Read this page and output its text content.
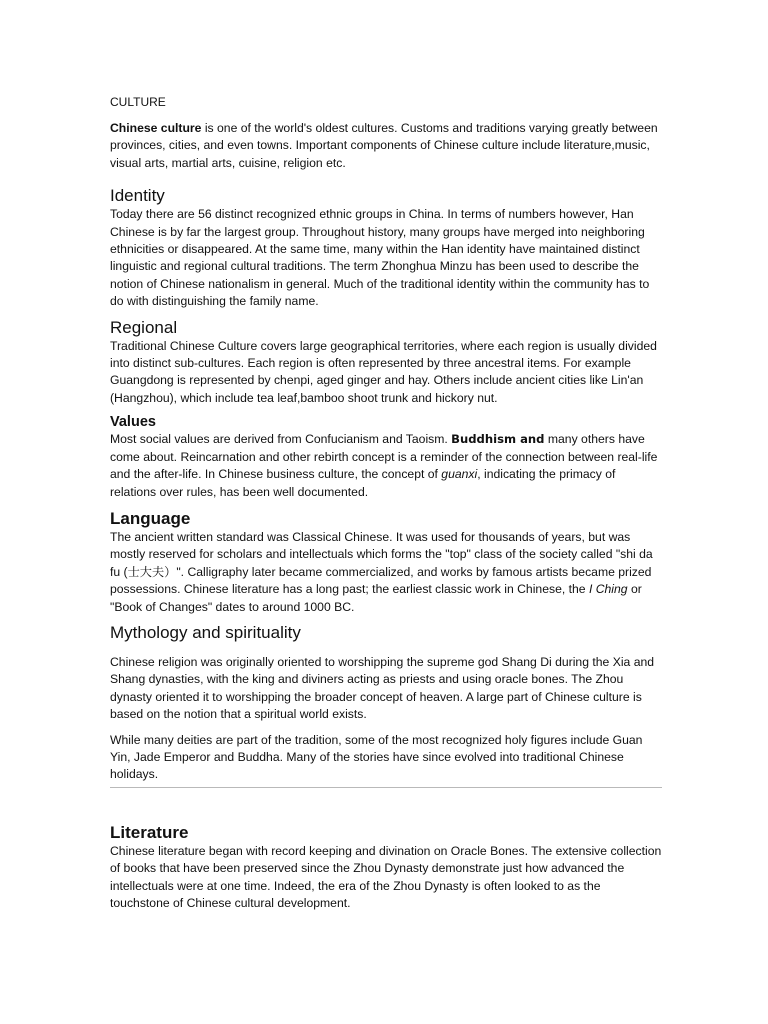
CULTURE

Chinese culture is one of the world's oldest cultures. Customs and traditions varying greatly between provinces, cities, and even towns. Important components of Chinese culture include literature,music, visual arts, martial arts, cuisine, religion etc.

Identity

Today there are 56 distinct recognized ethnic groups in China. In terms of numbers however, Han Chinese is by far the largest group. Throughout history, many groups have merged into neighboring ethnicities or disappeared. At the same time, many within the Han identity have maintained distinct linguistic and regional cultural traditions. The term Zhonghua Minzu has been used to describe the notion of Chinese nationalism in general. Much of the traditional identity within the community has to do with distinguishing the family name.

Regional

Traditional Chinese Culture covers large geographical territories, where each region is usually divided into distinct sub-cultures. Each region is often represented by three ancestral items. For example Guangdong is represented by chenpi, aged ginger and hay. Others include ancient cities like Lin'an (Hangzhou), which include tea leaf,bamboo shoot trunk and hickory nut.

Values

Most social values are derived from Confucianism and Taoism. Buddhism and many others have come about. Reincarnation and other rebirth concept is a reminder of the connection between real-life and the after-life. In Chinese business culture, the concept of guanxi, indicating the primacy of relations over rules, has been well documented.

Language

The ancient written standard was Classical Chinese. It was used for thousands of years, but was mostly reserved for scholars and intellectuals which forms the "top" class of the society called "shi da fu (士大夫）". Calligraphy later became commercialized, and works by famous artists became prized possessions. Chinese literature has a long past; the earliest classic work in Chinese, the I Ching or "Book of Changes" dates to around 1000 BC.

Mythology and spirituality

Chinese religion was originally oriented to worshipping the supreme god Shang Di during the Xia and Shang dynasties, with the king and diviners acting as priests and using oracle bones. The Zhou dynasty oriented it to worshipping the broader concept of heaven. A large part of Chinese culture is based on the notion that a spiritual world exists.

While many deities are part of the tradition, some of the most recognized holy figures include Guan Yin, Jade Emperor and Buddha. Many of the stories have since evolved into traditional Chinese holidays.

Literature

Chinese literature began with record keeping and divination on Oracle Bones. The extensive collection of books that have been preserved since the Zhou Dynasty demonstrate just how advanced the intellectuals were at one time. Indeed, the era of the Zhou Dynasty is often looked to as the touchstone of Chinese cultural development.
